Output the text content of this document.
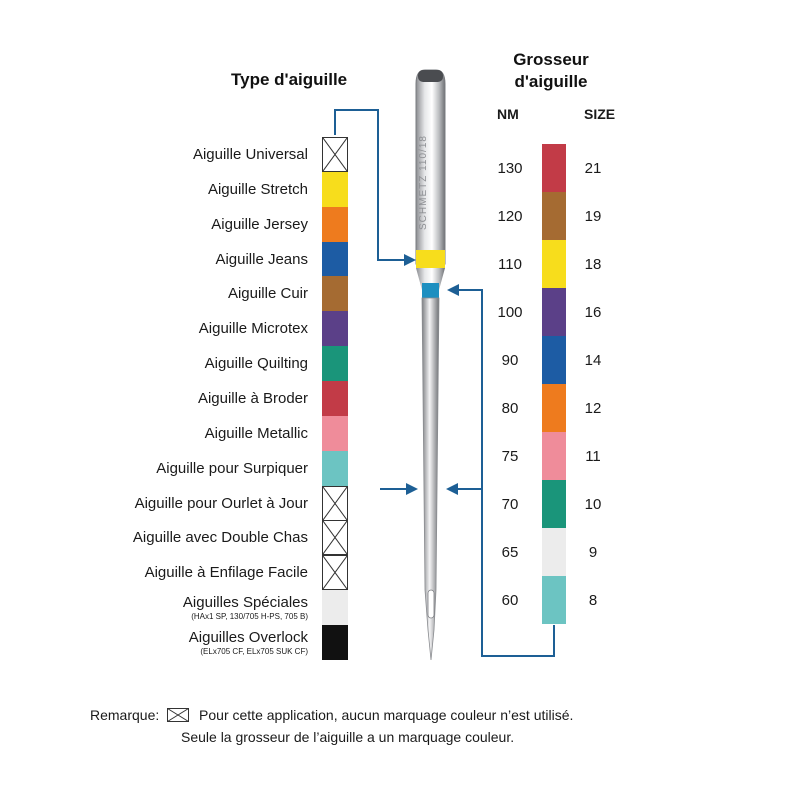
Type d'aiguille
Grosseur
d'aiguille
NM	SIZE
Aiguille Universal
Aiguille Stretch
Aiguille Jersey
Aiguille Jeans
Aiguille Cuir
Aiguille Microtex
Aiguille Quilting
Aiguille à Broder
Aiguille Metallic
Aiguille pour Surpiquer
Aiguille pour Ourlet à Jour
Aiguille avec Double Chas
Aiguille à Enfilage Facile
Aiguilles Spéciales
(HAx1 SP, 130/705 H-PS, 705 B)
Aiguilles Overlock
(ELx705 CF, ELx705 SUK CF)
130	21
120	19
110	18
100	16
90	14
80	12
75	11
70	10
65	9
60	8
SCHMETZ 110/18
Remarque:	Pour cette application, aucun marquage couleur n’est utilisé.
Seule la grosseur de l’aiguille a un marquage couleur.
